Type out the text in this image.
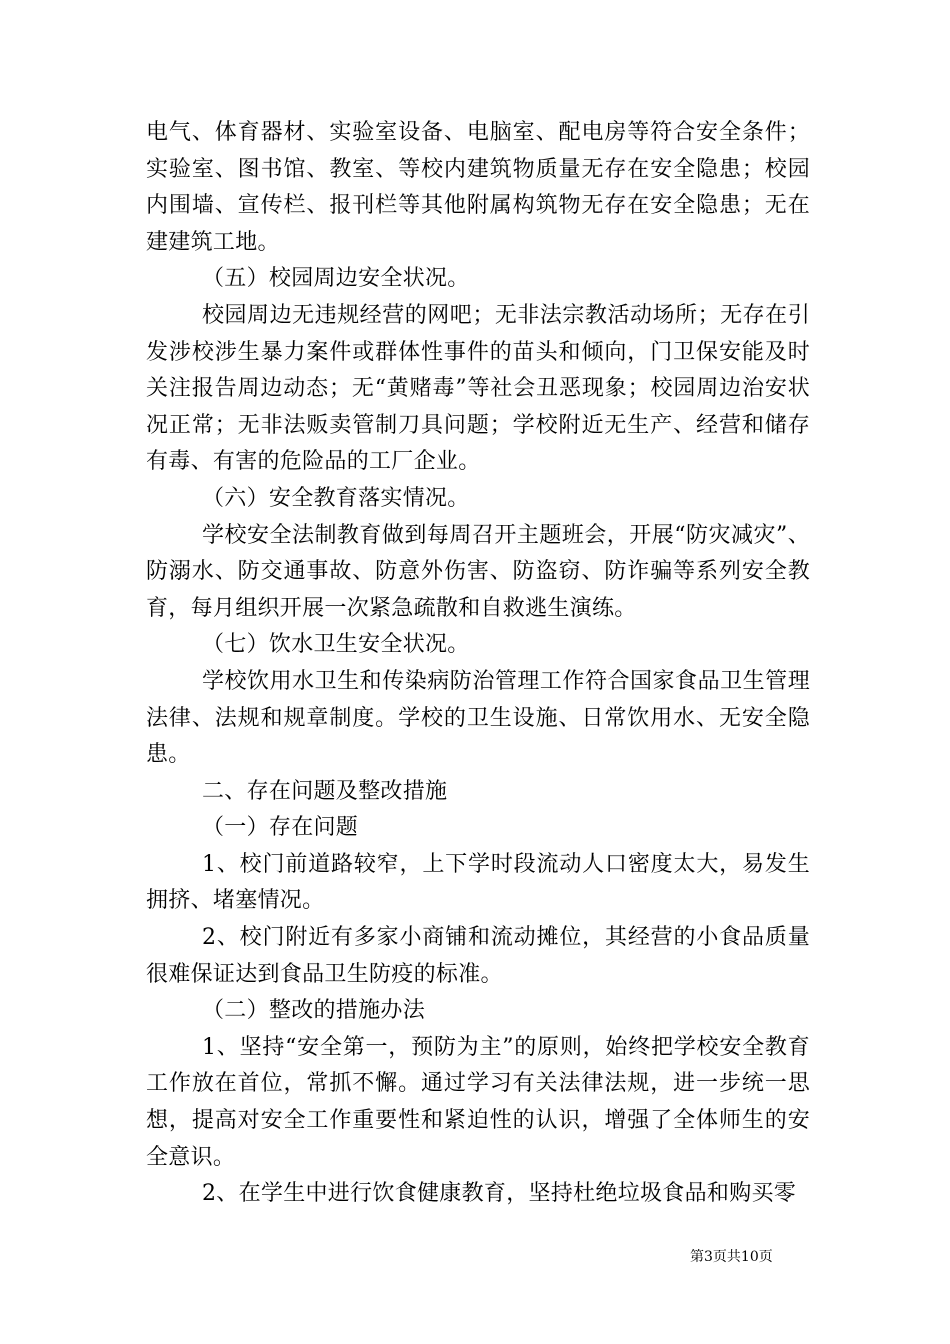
电气、体育器材、实验室设备、电脑室、配电房等符合安全条件；实验室、图书馆、教室、等校内建筑物质量无存在安全隐患；校园内围墙、宣传栏、报刊栏等其他附属构筑物无存在安全隐患；无在建建筑工地。

（五）校园周边安全状况。

校园周边无违规经营的网吧；无非法宗教活动场所；无存在引发涉校涉生暴力案件或群体性事件的苗头和倾向，门卫保安能及时关注报告周边动态；无“黄赌毒”等社会丑恶现象；校园周边治安状况正常；无非法贩卖管制刀具问题；学校附近无生产、经营和储存有毒、有害的危险品的工厂企业。

（六）安全教育落实情况。

学校安全法制教育做到每周召开主题班会，开展“防灾减灾”、防溺水、防交通事故、防意外伤害、防盗窃、防诈骗等系列安全教育，每月组织开展一次紧急疏散和自救逃生演练。

（七）饮水卫生安全状况。

学校饮用水卫生和传染病防治管理工作符合国家食品卫生管理法律、法规和规章制度。学校的卫生设施、日常饮用水、无安全隐患。

二、存在问题及整改措施

（一）存在问题

1、校门前道路较窄，上下学时段流动人口密度太大，易发生拥挤、堵塞情况。

2、校门附近有多家小商铺和流动摊位，其经营的小食品质量很难保证达到食品卫生防疫的标准。

（二）整改的措施办法

1、坚持“安全第一，预防为主”的原则，始终把学校安全教育工作放在首位，常抓不懈。通过学习有关法律法规，进一步统一思想，提高对安全工作重要性和紧迫性的认识，增强了全体师生的安全意识。

2、在学生中进行饮食健康教育，坚持杜绝垃圾食品和购买零

第3页共10页
